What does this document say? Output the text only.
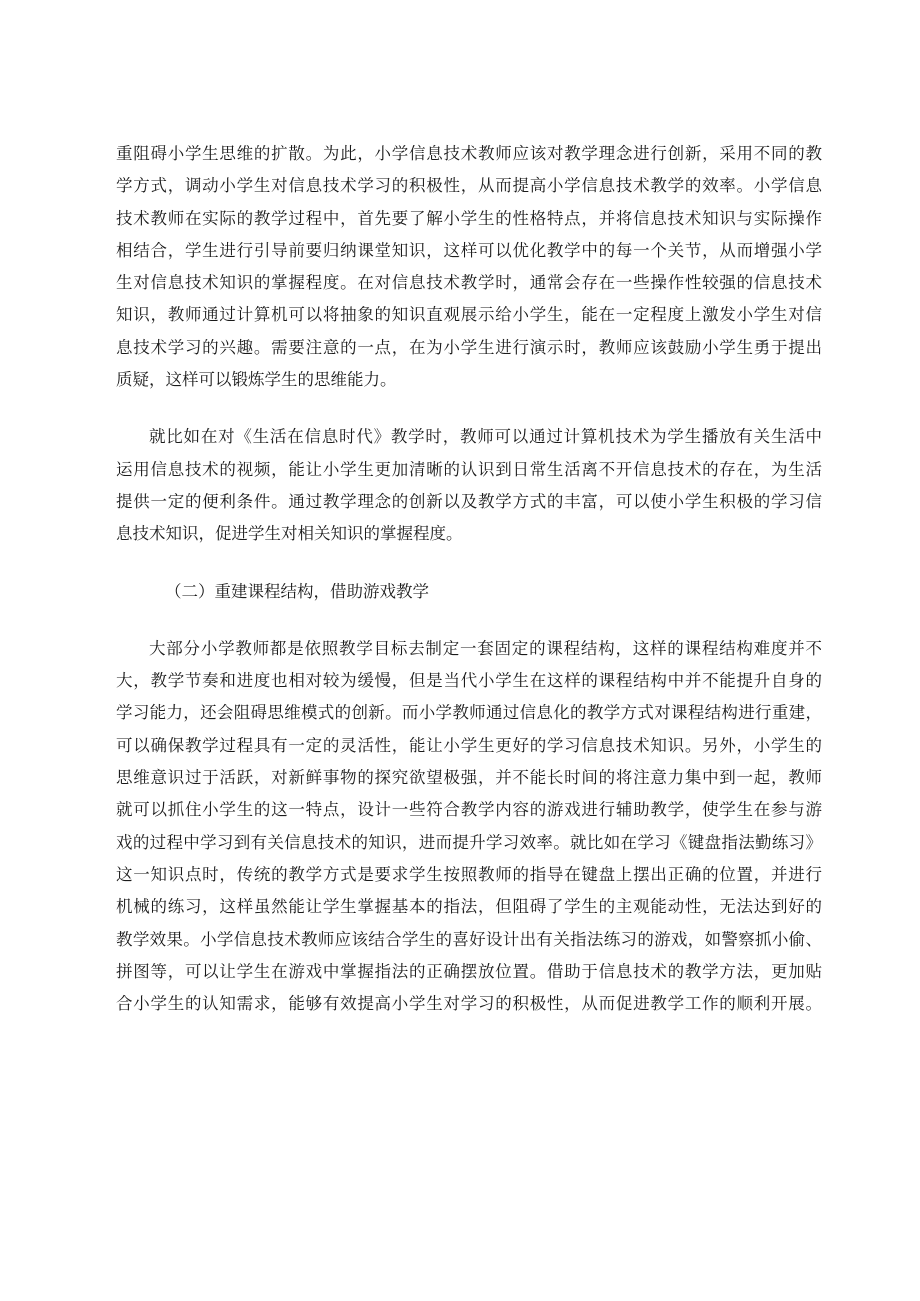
重阻碍小学生思维的扩散。为此，小学信息技术教师应该对教学理念进行创新，采用不同的教
学方式，调动小学生对信息技术学习的积极性，从而提高小学信息技术教学的效率。小学信息
技术教师在实际的教学过程中，首先要了解小学生的性格特点，并将信息技术知识与实际操作
相结合，学生进行引导前要归纳课堂知识，这样可以优化教学中的每一个关节，从而增强小学
生对信息技术知识的掌握程度。在对信息技术教学时，通常会存在一些操作性较强的信息技术
知识，教师通过计算机可以将抽象的知识直观展示给小学生，能在一定程度上激发小学生对信
息技术学习的兴趣。需要注意的一点，在为小学生进行演示时，教师应该鼓励小学生勇于提出
质疑，这样可以锻炼学生的思维能力。
就比如在对《生活在信息时代》教学时，教师可以通过计算机技术为学生播放有关生活中
运用信息技术的视频，能让小学生更加清晰的认识到日常生活离不开信息技术的存在，为生活
提供一定的便利条件。通过教学理念的创新以及教学方式的丰富，可以使小学生积极的学习信
息技术知识，促进学生对相关知识的掌握程度。
（二）重建课程结构，借助游戏教学
大部分小学教师都是依照教学目标去制定一套固定的课程结构，这样的课程结构难度并不
大，教学节奏和进度也相对较为缓慢，但是当代小学生在这样的课程结构中并不能提升自身的
学习能力，还会阻碍思维模式的创新。而小学教师通过信息化的教学方式对课程结构进行重建，
可以确保教学过程具有一定的灵活性，能让小学生更好的学习信息技术知识。另外，小学生的
思维意识过于活跃，对新鲜事物的探究欲望极强，并不能长时间的将注意力集中到一起，教师
就可以抓住小学生的这一特点，设计一些符合教学内容的游戏进行辅助教学，使学生在参与游
戏的过程中学习到有关信息技术的知识，进而提升学习效率。就比如在学习《键盘指法勤练习》
这一知识点时，传统的教学方式是要求学生按照教师的指导在键盘上摆出正确的位置，并进行
机械的练习，这样虽然能让学生掌握基本的指法，但阻碍了学生的主观能动性，无法达到好的
教学效果。小学信息技术教师应该结合学生的喜好设计出有关指法练习的游戏，如警察抓小偷、
拼图等，可以让学生在游戏中掌握指法的正确摆放位置。借助于信息技术的教学方法，更加贴
合小学生的认知需求，能够有效提高小学生对学习的积极性，从而促进教学工作的顺利开展。
